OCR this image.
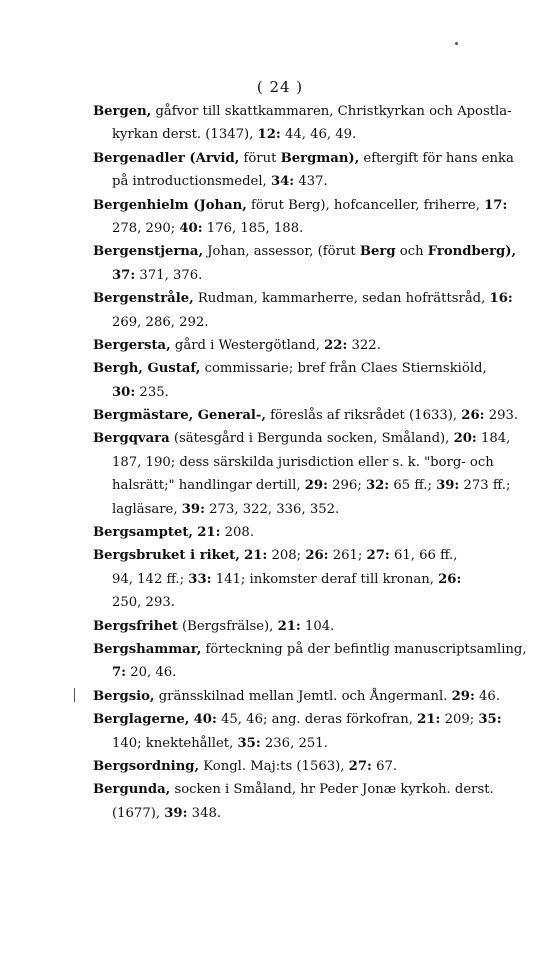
( 24 )
Bergen, gåfvor till skattkammaren, Christkyrkan och Apostla-
kyrkan derst. (1347), 12: 44, 46, 49.
Bergenadler (Arvid, förut Bergman), eftergift för hans enka
på introductionsmedel, 34: 437.
Bergenhielm (Johan, förut Berg), hofcanceller, friherre, 17:
278, 290; 40: 176, 185, 188.
Bergenstjerna, Johan, assessor, (förut Berg och Frondberg),
37: 371, 376.
Bergenstråle, Rudman, kammarherre, sedan hofrättsråd, 16:
269, 286, 292.
Bergersta, gård i Westergötland, 22: 322.
Bergh, Gustaf, commissarie; bref från Claes Stiernskiöld,
30: 235.
Bergmästare, General-, föreslås af riksrådet (1633), 26: 293.
Bergqvara (sätesgård i Bergunda socken, Småland), 20: 184,
187, 190; dess särskilda jurisdiction eller s. k. "borg- och
halsrätt;" handlingar dertill, 29: 296; 32: 65 ff.; 39: 273 ff.;
lagläsare, 39: 273, 322, 336, 352.
Bergsamptet, 21: 208.
Bergsbruket i riket, 21: 208; 26: 261; 27: 61, 66 ff.,
94, 142 ff.; 33: 141; inkomster deraf till kronan, 26:
250, 293.
Bergsfrihet (Bergsfrälse), 21: 104.
Bergshammar, förteckning på der befintlig manuscriptsamling,
7: 20, 46.
Bergsio, gränsskilnad mellan Jemtl. och Ångermanl. 29: 46.
Berglagerne, 40: 45, 46; ang. deras förkofran, 21: 209; 35:
140; knektehållet, 35: 236, 251.
Bergsordning, Kongl. Maj:ts (1563), 27: 67.
Bergunda, socken i Småland, hr Peder Jonæ kyrkoh. derst.
(1677), 39: 348.
